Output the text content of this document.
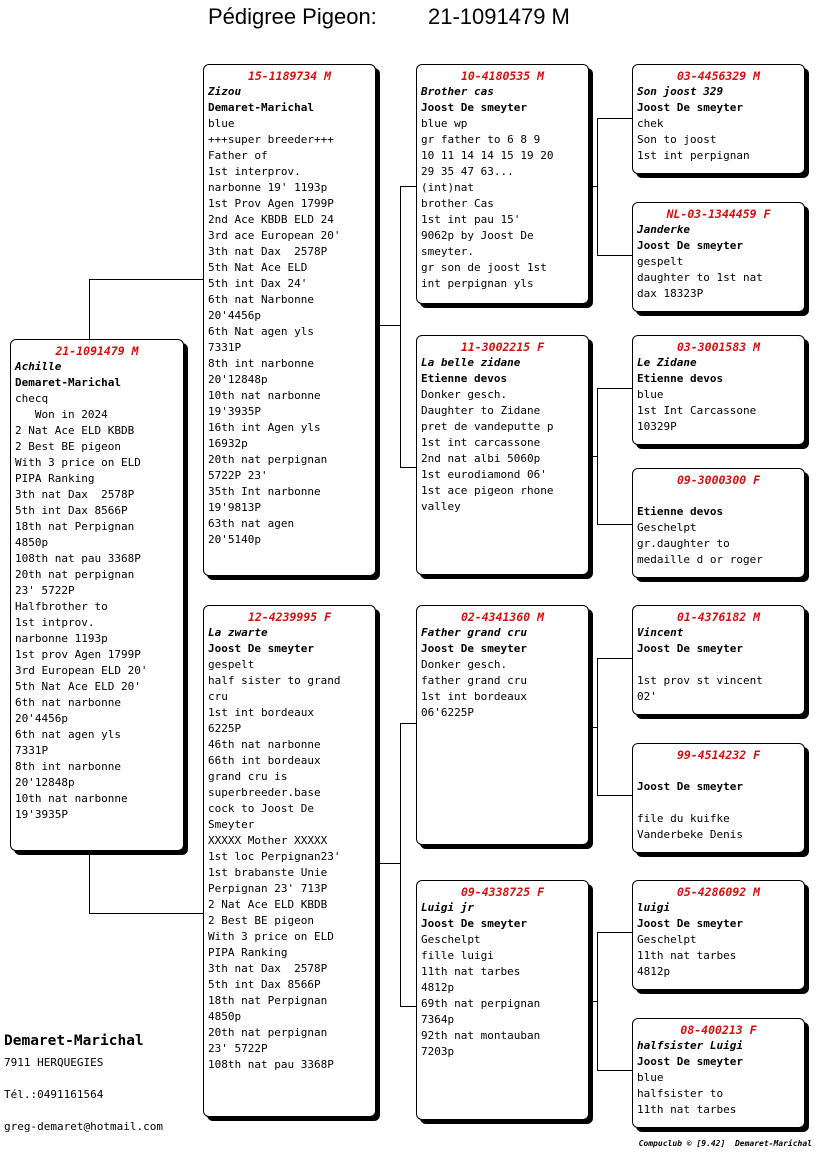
Pédigree Pigeon: 21-1091479 M
21-1091479 M
Achille
Demaret-Marichal
checq
Won in 2024
2 Nat Ace ELD KBDB
2 Best BE pigeon
With 3 price on ELD
PIPA Ranking
3th nat Dax  2578P
5th int Dax 8566P
18th nat Perpignan
4850p
108th nat pau 3368P
20th nat perpignan
23' 5722P
Halfbrother to
1st intprov.
narbonne 1193p
1st prov Agen 1799P
3rd European ELD 20'
5th Nat Ace ELD 20'
6th nat narbonne
20'4456p
6th nat agen yls
7331P
8th int narbonne
20'12848p
10th nat narbonne
19'3935P
15-1189734 M
Zizou
Demaret-Marichal
blue
+++super breeder+++
Father of
1st interprov.
narbonne 19' 1193p
1st Prov Agen 1799P
2nd Ace KBDB ELD 24
3rd ace European 20'
3th nat Dax  2578P
5th Nat Ace ELD
5th int Dax 24'
6th nat Narbonne
20'4456p
6th Nat agen yls
7331P
8th int narbonne
20'12848p
10th nat narbonne
19'3935P
16th int Agen yls
16932p
20th nat perpignan
5722P 23'
35th Int narbonne
19'9813P
63th nat agen
20'5140p
12-4239995 F
La zwarte
Joost De smeyter
gespelt
half sister to grand
cru
1st int bordeaux
6225P
46th nat narbonne
66th int bordeaux
grand cru is
superbreeder.base
cock to Joost De
Smeyter
XXXXX Mother XXXXX
1st loc Perpignan23'
1st brabanste Unie
Perpignan 23' 713P
2 Nat Ace ELD KBDB
2 Best BE pigeon
With 3 price on ELD
PIPA Ranking
3th nat Dax  2578P
5th int Dax 8566P
18th nat Perpignan
4850p
20th nat perpignan
23' 5722P
108th nat pau 3368P
10-4180535 M
Brother cas
Joost De smeyter
blue wp
gr father to 6 8 9
10 11 14 14 15 19 20
29 35 47 63...
(int)nat
brother Cas
1st int pau 15'
9062p by Joost De
smeyter.
gr son de joost 1st
int perpignan yls
11-3002215 F
La belle zidane
Etienne devos
Donker gesch.
Daughter to Zidane
pret de vandeputte p
1st int carcassone
2nd nat albi 5060p
1st eurodiamond 06'
1st ace pigeon rhone
valley
02-4341360 M
Father grand cru
Joost De smeyter
Donker gesch.
father grand cru
1st int bordeaux
06'6225P
09-4338725 F
Luigi jr
Joost De smeyter
Geschelpt
fille luigi
11th nat tarbes
4812p
69th nat perpignan
7364p
92th nat montauban
7203p
03-4456329 M
Son joost 329
Joost De smeyter
chek
Son to joost
1st int perpignan
NL-03-1344459 F
Janderke
Joost De smeyter
gespelt
daughter to 1st nat
dax 18323P
03-3001583 M
Le Zidane
Etienne devos
blue
1st Int Carcassone
10329P
09-3000300 F
Etienne devos
Geschelpt
gr.daughter to
medaille d or roger
01-4376182 M
Vincent
Joost De smeyter
1st prov st vincent
02'
99-4514232 F
Joost De smeyter
file du kuifke
Vanderbeke Denis
05-4286092 M
luigi
Joost De smeyter
Geschelpt
11th nat tarbes
4812p
08-400213 F
halfsister Luigi
Joost De smeyter
blue
halfsister to
11th nat tarbes
Demaret-Marichal
7911 HERQUEGIES
Tél.:0491161564
greg-demaret@hotmail.com
Compuclub © [9.42]  Demaret-Marichal
